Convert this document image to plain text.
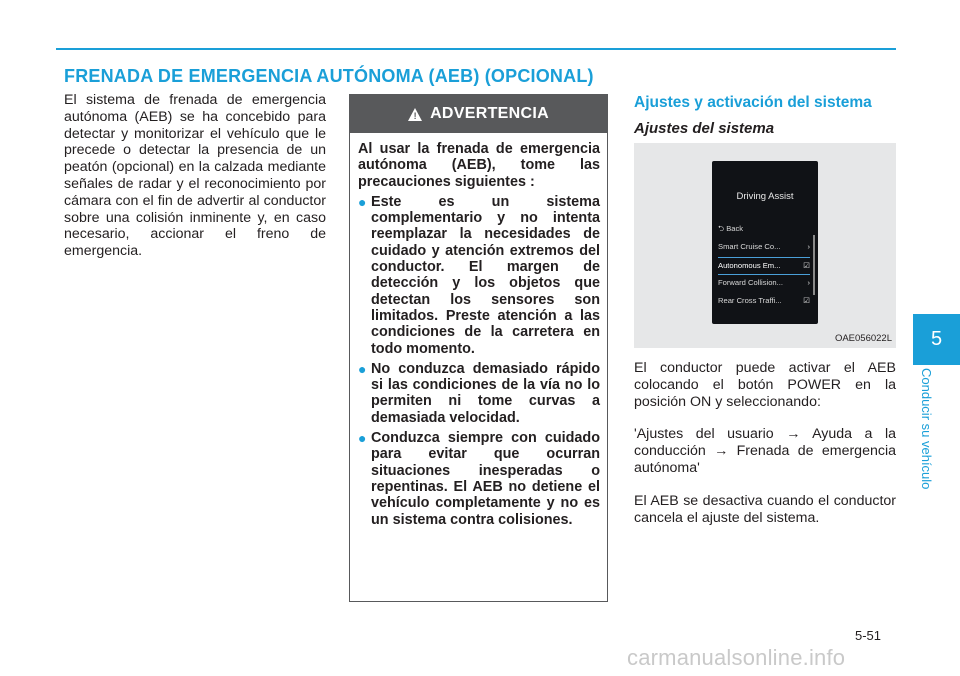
FRENADA DE EMERGENCIA AUTÓNOMA (AEB) (OPCIONAL)
El sistema de frenada de emergencia autónoma (AEB) se ha concebido para detectar y monitorizar el vehículo que le precede o detectar la presencia de un peatón (opcional) en la calzada mediante señales de radar y el reconocimiento por cámara con el fin de advertir al conductor sobre una colisión inminente y, en caso necesario, accionar el freno de emergencia.
! ADVERTENCIA

Al usar la frenada de emergencia autónoma (AEB), tome las precauciones siguientes :

● Este es un sistema complementario y no intenta reemplazar la necesidades de cuidado y atención extremos del conductor. El margen de detección y los objetos que detectan los sensores son limitados. Preste atención a las condiciones de la carretera en todo momento.
● No conduzca demasiado rápido si las condiciones de la vía no lo permiten ni tome curvas a demasiada velocidad.
● Conduzca siempre con cuidado para evitar que ocurran situaciones inesperadas o repentinas. El AEB no detiene el vehículo completamente y no es un sistema contra colisiones.
Ajustes y activación del sistema
Ajustes del sistema
Driving Assist
⮌ Back
Smart Cruise Co...	›
Autonomous Em...	☑
Forward Collision...	›
Rear Cross Traffi...	☑
OAE056022L

El conductor puede activar el AEB colocando el botón POWER en la posición ON y seleccionando:

'Ajustes del usuario → Ayuda a la conducción → Frenada de emergencia autónoma'

El AEB se desactiva cuando el conductor cancela el ajuste del sistema.

5
Conducir su vehículo
5-51
carmanualsonline.info
